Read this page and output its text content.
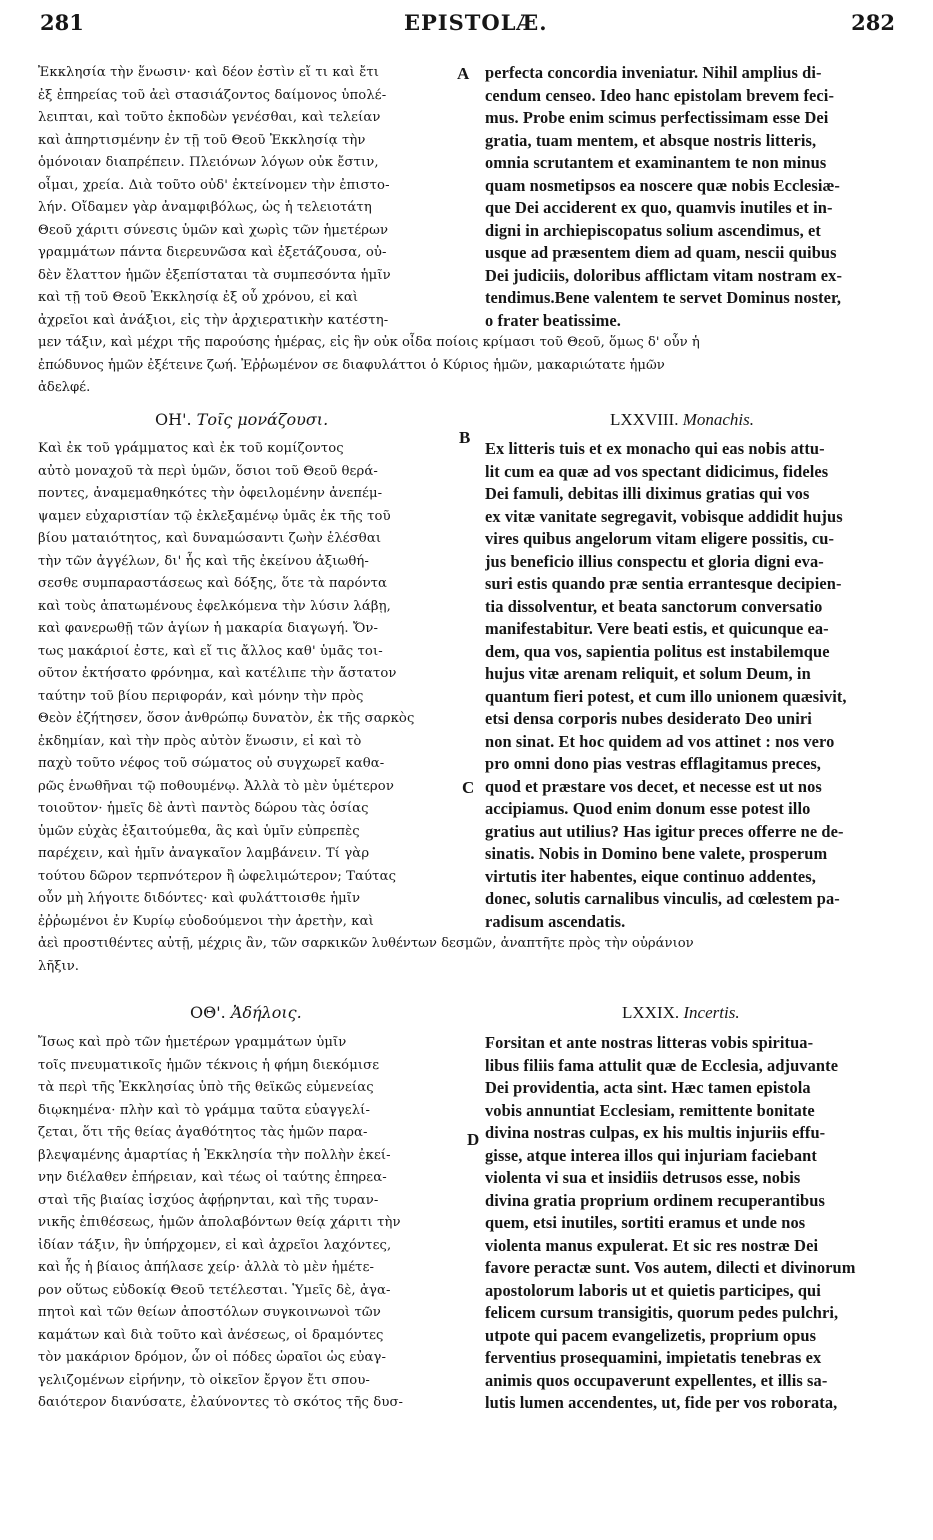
281	EPISTOLÆ.	282
A
B
C
D
Ἐκκλησία τὴν ἕνωσιν· καὶ δέον ἐστὶν εἴ τι καὶ ἔτι
ἐξ ἐπηρείας τοῦ ἀεὶ στασιάζοντος δαίμονος ὑπολέ-
λειπται, καὶ τοῦτο ἐκποδὼν γενέσθαι, καὶ τελείαν
καὶ ἀπηρτισμένην ἐν τῇ τοῦ Θεοῦ Ἐκκλησίᾳ τὴν
ὁμόνοιαν διαπρέπειν. Πλειόνων λόγων οὐκ ἔστιν,
οἶμαι, χρεία. Διὰ τοῦτο οὐδ' ἐκτείνομεν τὴν ἐπιστο-
λήν. Οἴδαμεν γὰρ ἀναμφιβόλως, ὡς ἡ τελειοτάτη
Θεοῦ χάριτι σύνεσις ὑμῶν καὶ χωρὶς τῶν ἡμετέρων
γραμμάτων πάντα διερευνῶσα καὶ ἐξετάζουσα, οὐ-
δὲν ἔλαττον ἡμῶν ἐξεπίσταται τὰ συμπεσόντα ἡμῖν
καὶ τῇ τοῦ Θεοῦ Ἐκκλησίᾳ ἐξ οὗ χρόνου, εἰ καὶ
ἀχρεῖοι καὶ ἀνάξιοι, εἰς τὴν ἀρχιερατικὴν κατέστη-
perfecta concordia inveniatur. Nihil amplius di-
cendum censeo. Ideo hanc epistolam brevem feci-
mus. Probe enim scimus perfectissimam esse Dei
gratia, tuam mentem, et absque nostris litteris,
omnia scrutantem et examinantem te non minus
quam nosmetipsos ea noscere quæ nobis Ecclesiæ-
que Dei acciderent ex quo, quamvis inutiles et in-
digni in archiepiscopatus solium ascendimus, et
usque ad præsentem diem ad quam, nescii quibus
Dei judiciis, doloribus afflictam vitam nostram ex-
tendimus.Bene valentem te servet Dominus noster,
o frater beatissime.
μεν τάξιν, καὶ μέχρι τῆς παρούσης ἡμέρας, εἰς ἣν οὐκ οἶδα ποίοις κρίμασι τοῦ Θεοῦ, ὅμως δ' οὖν ἡ
ἐπώδυνος ἡμῶν ἐξέτεινε ζωή. Ἐῤῥωμένον σε διαφυλάττοι ὁ Κύριος ἡμῶν, μακαριώτατε ἡμῶν
ἀδελφέ.
ΟΗ'. Τοῖς μονάζουσι.	LXXVIII. Monachis.
Καὶ ἐκ τοῦ γράμματος καὶ ἐκ τοῦ κομίζοντος
αὐτὸ μοναχοῦ τὰ περὶ ὑμῶν, ὅσιοι τοῦ Θεοῦ θερά-
ποντες, ἀναμεμαθηκότες τὴν ὀφειλομένην ἀνεπέμ-
ψαμεν εὐχαριστίαν τῷ ἐκλεξαμένῳ ὑμᾶς ἐκ τῆς τοῦ
βίου ματαιότητος, καὶ δυναμώσαντι ζωὴν ἑλέσθαι
τὴν τῶν ἀγγέλων, δι' ἧς καὶ τῆς ἐκείνου ἀξιωθή-
σεσθε συμπαραστάσεως καὶ δόξης, ὅτε τὰ παρόντα
καὶ τοὺς ἀπατωμένους ἐφελκόμενα τὴν λύσιν λάβῃ,
καὶ φανερωθῇ τῶν ἁγίων ἡ μακαρία διαγωγή. Ὄν-
τως μακάριοί ἐστε, καὶ εἴ τις ἄλλος καθ' ὑμᾶς τοι-
οῦτον ἐκτήσατο φρόνημα, καὶ κατέλιπε τὴν ἄστατον
ταύτην τοῦ βίου περιφοράν, καὶ μόνην τὴν πρὸς
Θεὸν ἐζήτησεν, ὅσον ἀνθρώπῳ δυνατὸν, ἐκ τῆς σαρκὸς
ἐκδημίαν, καὶ τὴν πρὸς αὐτὸν ἕνωσιν, εἰ καὶ τὸ
παχὺ τοῦτο νέφος τοῦ σώματος οὐ συγχωρεῖ καθα-
ρῶς ἑνωθῆναι τῷ ποθουμένῳ. Ἀλλὰ τὸ μὲν ὑμέτερον
τοιοῦτον· ἡμεῖς δὲ ἀντὶ παντὸς δώρου τὰς ὁσίας
ὑμῶν εὐχὰς ἐξαιτούμεθα, ἃς καὶ ὑμῖν εὐπρεπὲς
παρέχειν, καὶ ἡμῖν ἀναγκαῖον λαμβάνειν. Τί γὰρ
τούτου δῶρον τερπνότερον ἢ ὠφελιμώτερον; Ταύτας
οὖν μὴ λήγοιτε διδόντες· καὶ φυλάττοισθε ἡμῖν
ἐῤῥωμένοι ἐν Κυρίῳ εὐοδούμενοι τὴν ἀρετὴν, καὶ
Ex litteris tuis et ex monacho qui eas nobis attu-
lit cum ea quæ ad vos spectant didicimus, fideles
Dei famuli, debitas illi diximus gratias qui vos
ex vitæ vanitate segregavit, vobisque addidit hujus
vires quibus angelorum vitam eligere possitis, cu-
jus beneficio illius conspectu et gloria digni eva-
suri estis quando præ sentia errantesque decipien-
tia dissolventur, et beata sanctorum conversatio
manifestabitur. Vere beati estis, et quicunque ea-
dem, qua vos, sapientia politus est instabilemque
hujus vitæ arenam reliquit, et solum Deum, in
quantum fieri potest, et cum illo unionem quæsivit,
etsi densa corporis nubes desiderato Deo uniri
non sinat. Et hoc quidem ad vos attinet : nos vero
pro omni dono pias vestras efflagitamus preces,
quod et præstare vos decet, et necesse est ut nos
accipiamus. Quod enim donum esse potest illo
gratius aut utilius? Has igitur preces offerre ne de-
sinatis. Nobis in Domino bene valete, prosperum
virtutis iter habentes, eique continuo addentes,
donec, solutis carnalibus vinculis, ad cœlestem pa-
radisum ascendatis.
ἀεὶ προστιθέντες αὐτῇ, μέχρις ἂν, τῶν σαρκικῶν λυθέντων δεσμῶν, ἀναπτῆτε πρὸς τὴν οὐράνιον
λῆξιν.
ΟΘ'. Ἀδήλοις.	LXXIX. Incertis.
Ἴσως καὶ πρὸ τῶν ἡμετέρων γραμμάτων ὑμῖν
τοῖς πνευματικοῖς ἡμῶν τέκνοις ἡ φήμη διεκόμισε
τὰ περὶ τῆς Ἐκκλησίας ὑπὸ τῆς θεϊκῶς εὐμενείας
διῳκημένα· πλὴν καὶ τὸ γράμμα ταῦτα εὐαγγελί-
ζεται, ὅτι τῆς θείας ἀγαθότητος τὰς ἡμῶν παρα-
βλεψαμένης ἁμαρτίας ἡ Ἐκκλησία τὴν πολλὴν ἐκεί-
νην διέλαθεν ἐπήρειαν, καὶ τέως οἱ ταύτης ἐπηρεα-
σταὶ τῆς βιαίας ἰσχύος ἀφῄρηνται, καὶ τῆς τυραν-
νικῆς ἐπιθέσεως, ἡμῶν ἀπολαβόντων θείᾳ χάριτι τὴν
ἰδίαν τάξιν, ἣν ὑπήρχομεν, εἰ καὶ ἀχρεῖοι λαχόντες,
καὶ ἧς ἡ βίαιος ἀπήλασε χείρ· ἀλλὰ τὸ μὲν ἡμέτε-
ρον οὕτως εὐδοκίᾳ Θεοῦ τετέλεσται. Ὑμεῖς δὲ, ἀγα-
πητοὶ καὶ τῶν θείων ἀποστόλων συγκοινωνοὶ τῶν
καμάτων καὶ διὰ τοῦτο καὶ ἀνέσεως, οἱ δραμόντες
τὸν μακάριον δρόμον, ὧν οἱ πόδες ὡραῖοι ὡς εὐαγ-
γελιζομένων εἰρήνην, τὸ οἰκεῖον ἔργον ἔτι σπου-
δαιότερον διανύσατε, ἐλαύνοντες τὸ σκότος τῆς δυσ-
Forsitan et ante nostras litteras vobis spiritua-
libus filiis fama attulit quæ de Ecclesia, adjuvante
Dei providentia, acta sint. Hæc tamen epistola
vobis annuntiat Ecclesiam, remittente bonitate
divina nostras culpas, ex his multis injuriis effu-
gisse, atque interea illos qui injuriam faciebant
violenta vi sua et insidiis detrusos esse, nobis
divina gratia proprium ordinem recuperantibus
quem, etsi inutiles, sortiti eramus et unde nos
violenta manus expulerat. Et sic res nostræ Dei
favore peractæ sunt. Vos autem, dilecti et divinorum
apostolorum laboris ut et quietis participes, qui
felicem cursum transigitis, quorum pedes pulchri,
utpote qui pacem evangelizetis, proprium opus
ferventius prosequamini, impietatis tenebras ex
animis quos occupaverunt expellentes, et illis sa-
lutis lumen accendentes, ut, fide per vos roborata,
